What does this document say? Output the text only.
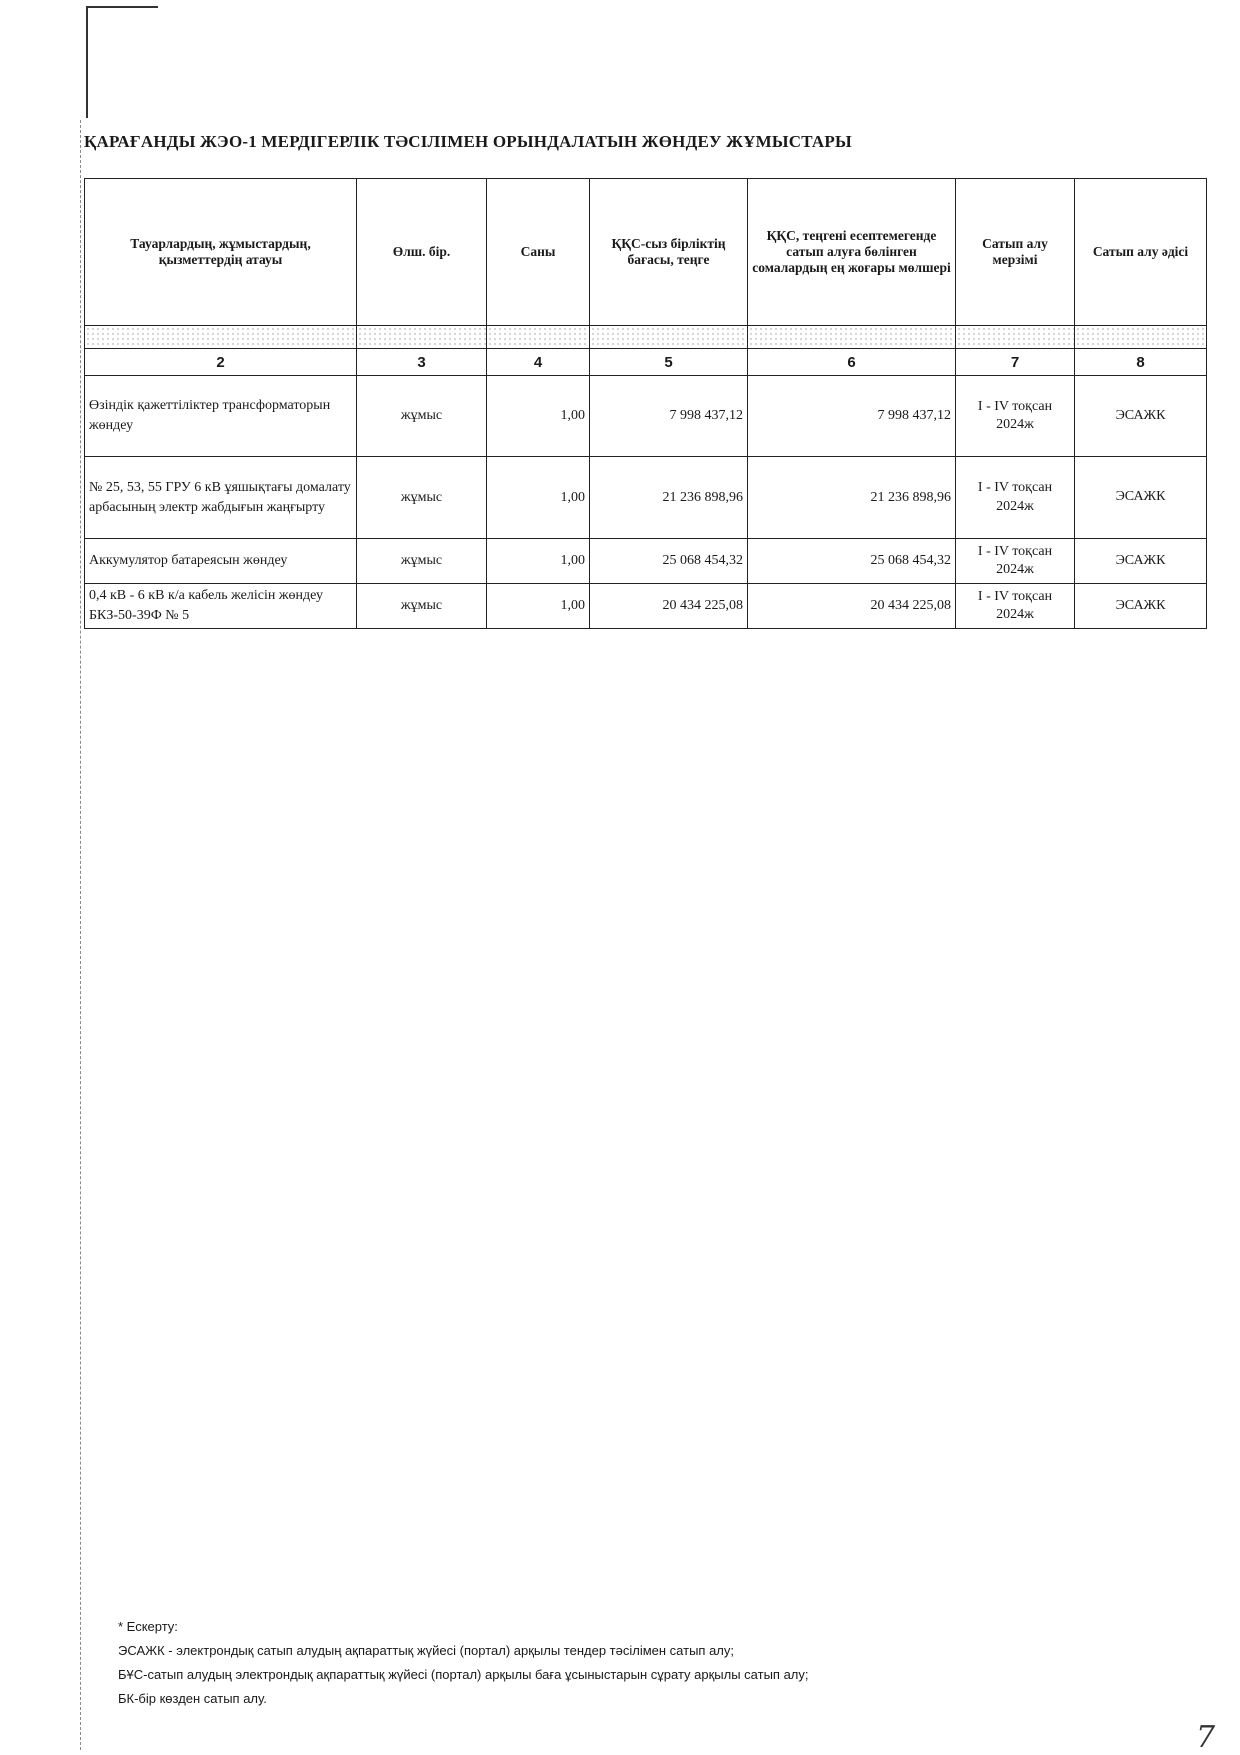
ҚАРАҒАНДЫ ЖЭО-1 МЕРДІГЕРЛІК ТӘСІЛІМЕН ОРЫНДАЛАТЫН ЖӨНДЕУ ЖҰМЫСТАРЫ
Тауарлардың, жұмыстардың, қызметтердің атауы	Өлш. бір.	Саны	ҚҚС-сыз бірліктің бағасы, теңге	ҚҚС, теңгені есептемегенде сатып алуға бөлінген сомалардың ең жоғары мөлшері	Сатып алу мерзімі	Сатып алу әдісі

2	3	4	5	6	7	8
Өзіндік қажеттіліктер трансформаторын жөндеу	жұмыс	1,00	7 998 437,12	7 998 437,12	I - IV тоқсан 2024ж	ЭСАЖК
№ 25, 53, 55 ГРУ 6 кВ ұяшықтағы домалату арбасының электр жабдығын жаңғырту	жұмыс	1,00	21 236 898,96	21 236 898,96	I - IV тоқсан 2024ж	ЭСАЖК
Аккумулятор батареясын жөндеу	жұмыс	1,00	25 068 454,32	25 068 454,32	I - IV тоқсан 2024ж	ЭСАЖК
0,4 кВ - 6 кВ к/а кабель желісін жөндеу БКЗ-50-39Ф № 5	жұмыс	1,00	20 434 225,08	20 434 225,08	I - IV тоқсан 2024ж	ЭСАЖК
* Ескерту:
ЭСАЖК - электрондық сатып алудың ақпараттық жүйесі (портал) арқылы тендер тәсілімен сатып алу;
БҰС-сатып алудың электрондық ақпараттық жүйесі (портал) арқылы баға ұсыныстарын сұрату арқылы сатып алу;
БК-бір көзден сатып алу.
7
